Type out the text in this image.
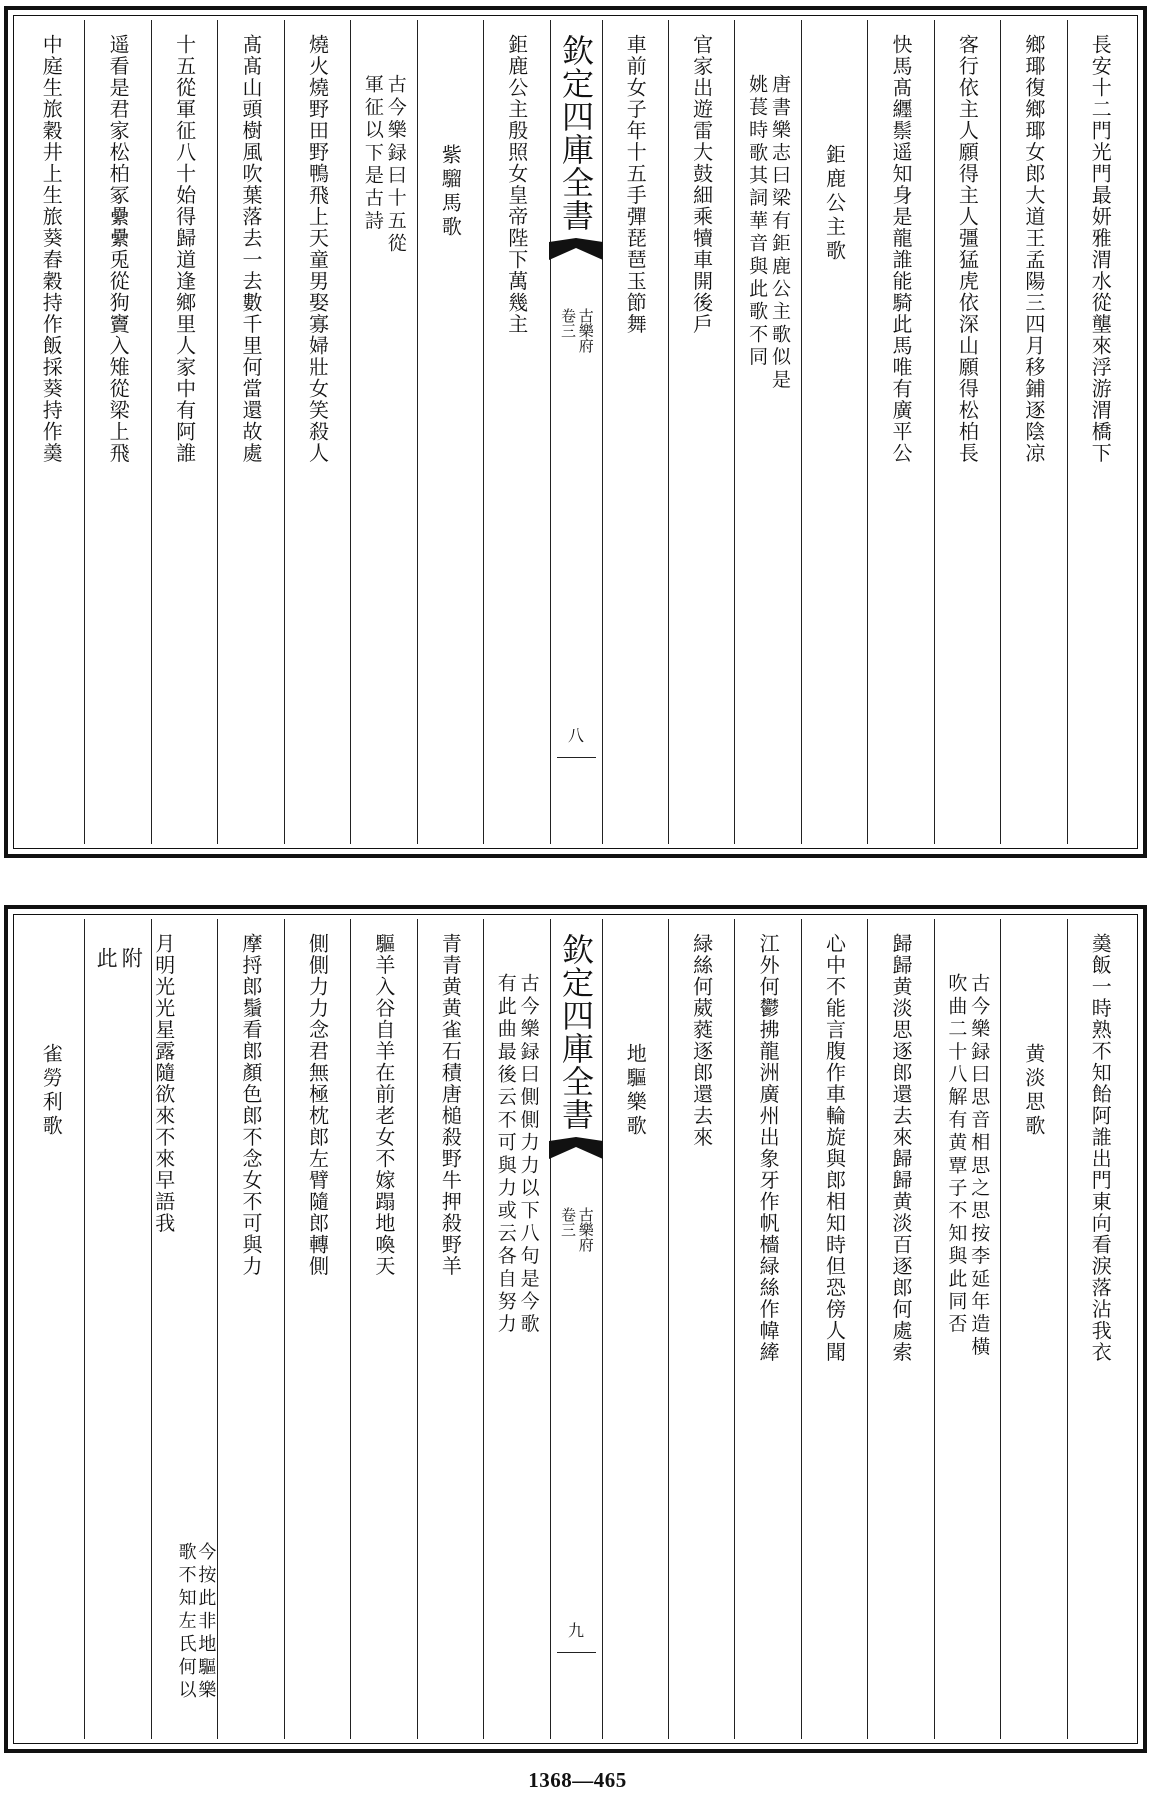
長安十二門光門最妍雅渭水從壟來浮游渭橋下
鄉瑘復鄉瑘女郎大道王孟陽三四月移鋪逐陰凉
客行依主人願得主人彊猛虎依深山願得松柏長
快馬髙纒鬃遥知身是龍誰能騎此馬唯有廣平公
鉅鹿公主歌
唐書樂志曰梁有鉅鹿公主歌似是
姚萇時歌其詞華音與此歌不同
官家出遊雷大鼓細乘犢車開後戶
車前女子年十五手彈琵琶玉節舞
欽定四庫全書
古樂府
卷三
八
鉅鹿公主殷照女皇帝陛下萬幾主
紫騮馬歌
古今樂録曰十五從
軍征以下是古詩
燒火燒野田野鴨飛上天童男娶寡婦壯女笑殺人
髙髙山頭樹風吹葉落去一去數千里何當還故處
十五從軍征八十始得歸道逢鄉里人家中有阿誰
遥看是君家松柏冢纍纍兎從狗竇入雉從梁上飛
中庭生旅穀井上生旅葵舂穀持作飯採葵持作羮
羮飯一時熟不知飴阿誰出門東向看淚落沾我衣
黄淡思歌
古今樂録曰思音相思之思按李延年造橫
吹曲二十八解有黄覃子不知與此同否
歸歸黄淡思逐郎還去來歸歸黄淡百逐郎何處索
心中不能言腹作車輪旋與郎相知時但恐傍人聞
江外何鬱拂龍洲廣州出象牙作帆檣緑絲作幃縴
緑絲何葳蕤逐郎還去來
地驅樂歌
欽定四庫全書
古樂府
卷三
九
古今樂録曰側側力力以下八句是今歌
有此曲最後云不可與力或云各自努力
青青黄黄雀石積唐槌殺野牛押殺野羊
驅羊入谷自羊在前老女不嫁蹋地喚天
側側力力念君無極枕郎左臂隨郎轉側
摩捋郎鬚看郎顏色郎不念女不可與力
今按此非地驅樂
歌不知左氏何以
月明光光星露隨欲來不來早語我
附
此
雀勞利歌
1368—465
